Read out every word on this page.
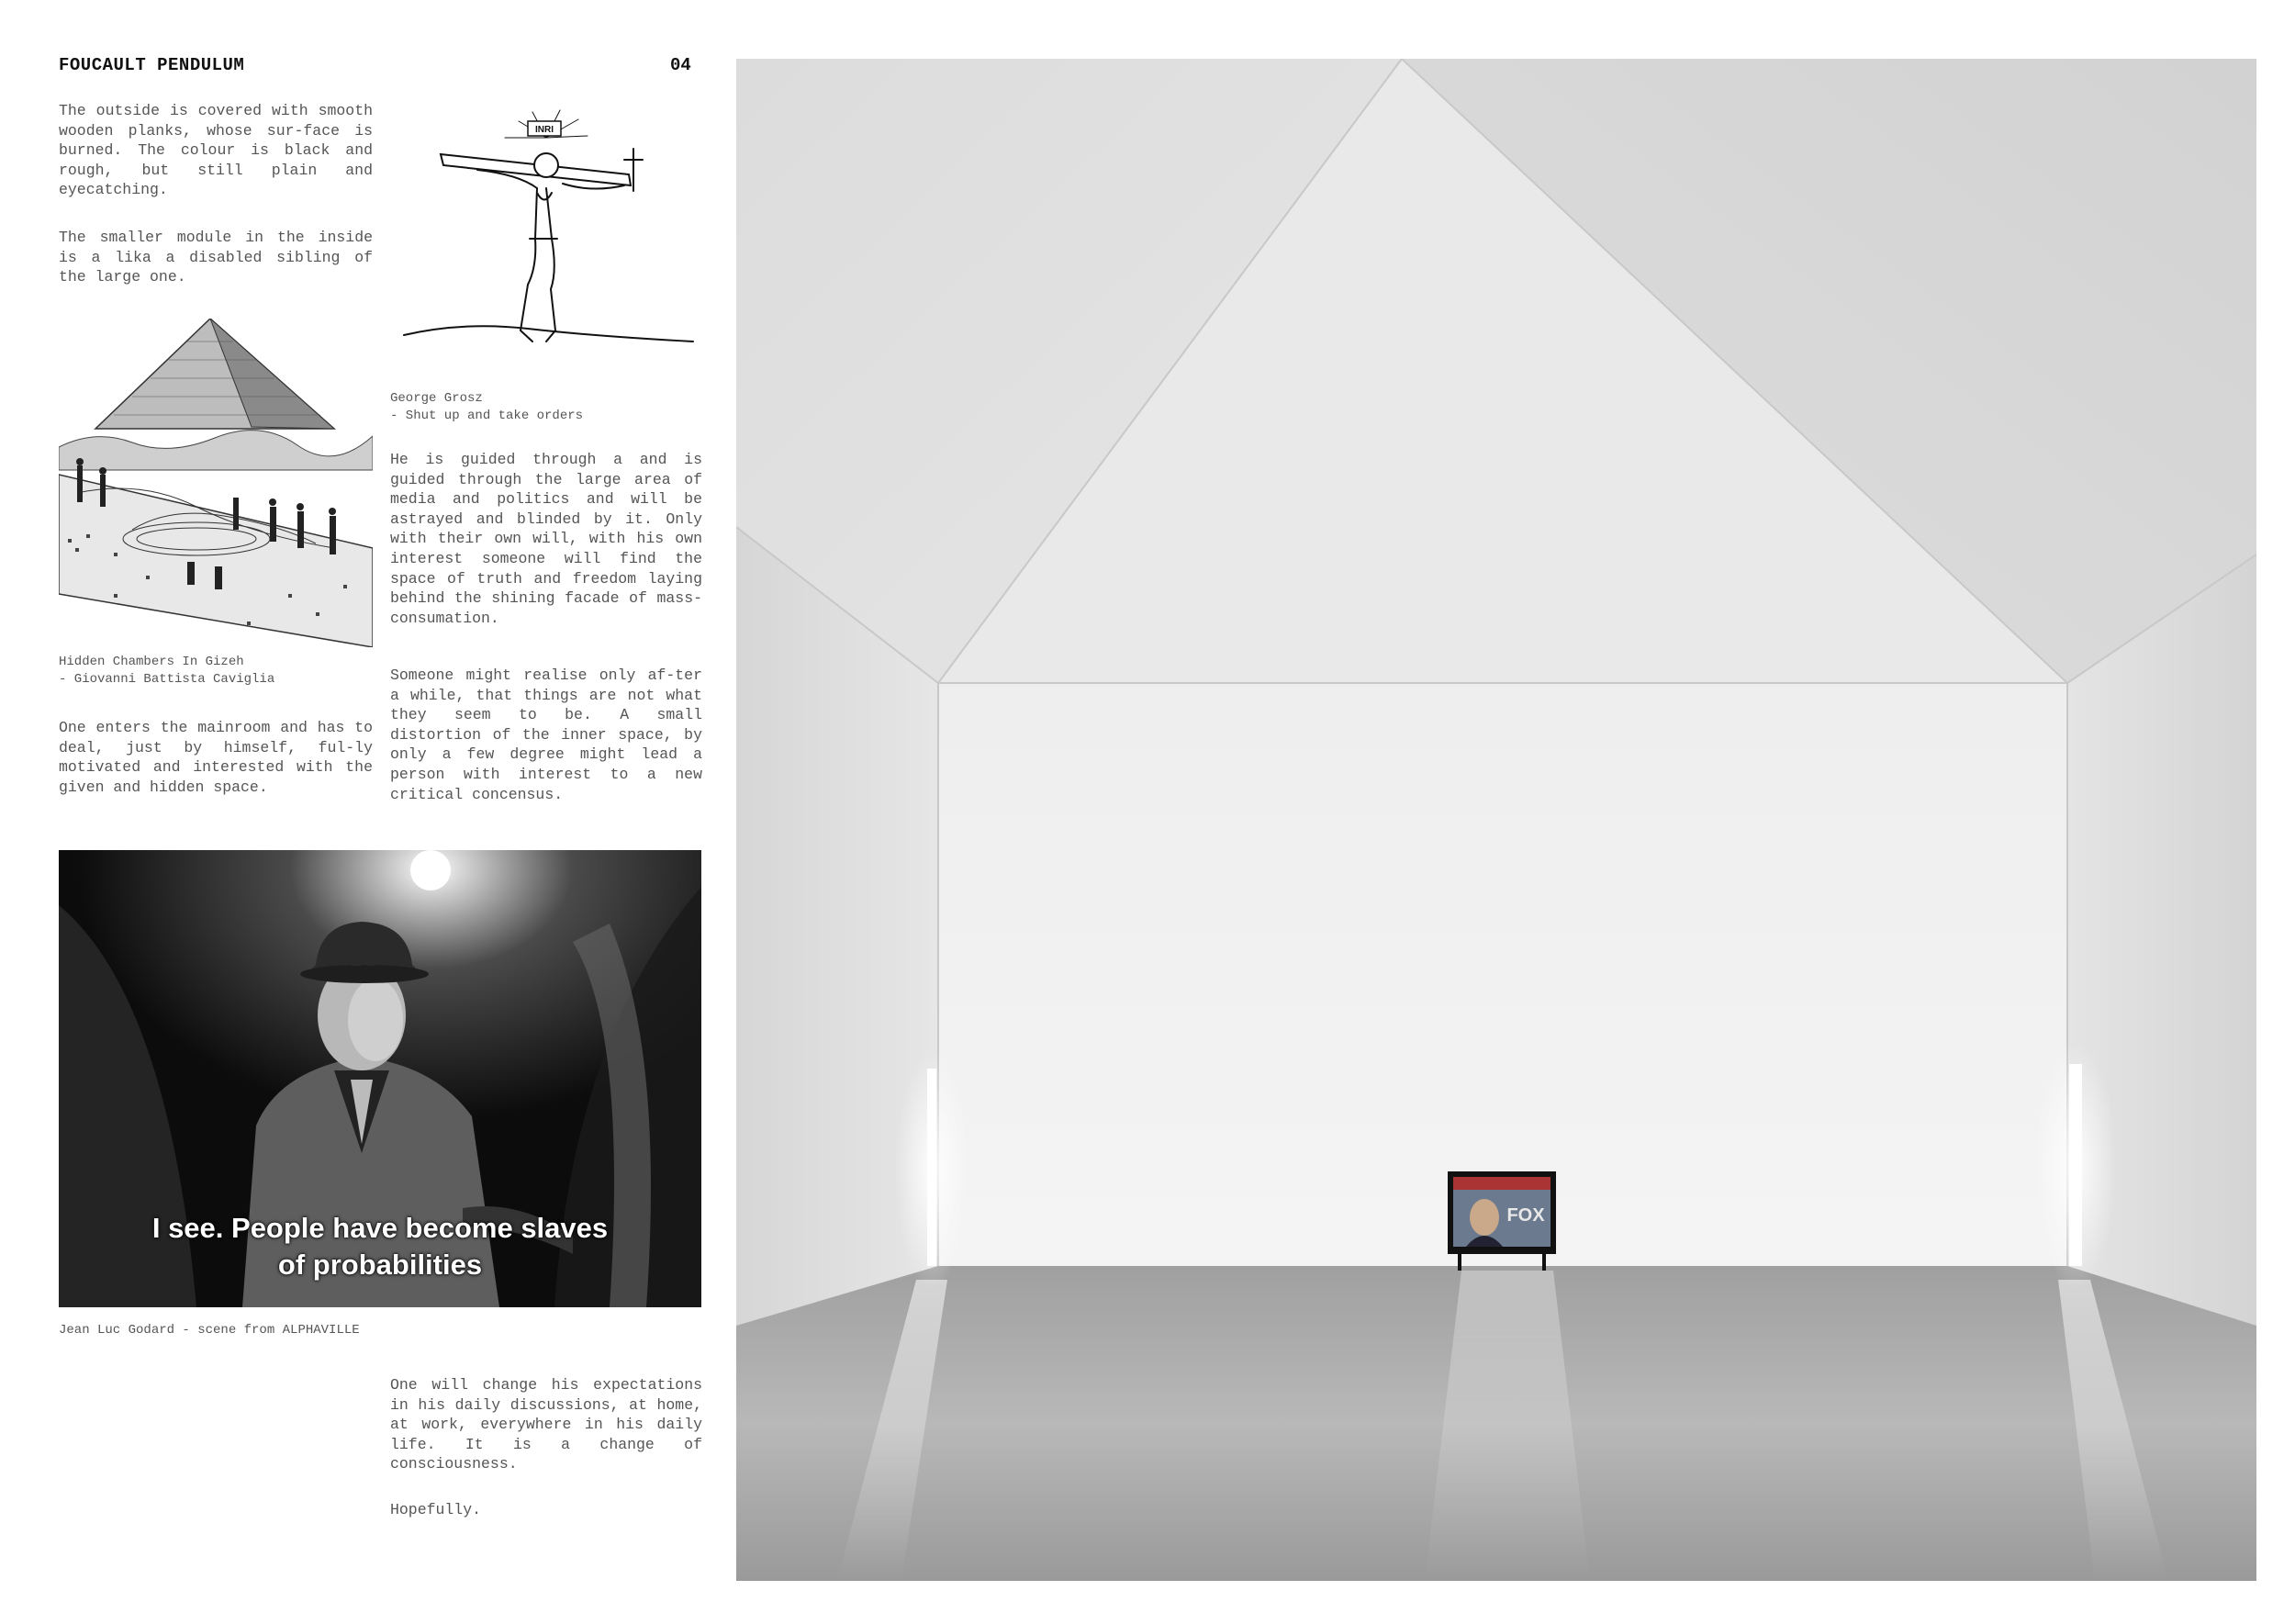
FOUCAULT PENDULUM	04

The outside is covered with smooth wooden planks, whose sur-face is burned. The colour is black and rough, but still plain and eyecatching.

The smaller module in the inside is a lika a disabled sibling of the large one.

Hidden Chambers In Gizeh
- Giovanni Battista Caviglia

One enters the mainroom and has to deal, just by himself, ful-ly motivated and interested with the given and hidden space.

INRI
George Grosz
- Shut up and take orders

He is guided through a and is guided through the large area of media and politics and will be astrayed and blinded by it. Only with their own will, with his own interest someone will find the space of truth and freedom laying behind the shining facade of mass-consumation.

Someone might realise only af-ter a while, that things are not what they seem to be. A small distortion of the inner space, by only a few degree might lead a person with interest to a new critical concensus.

I see. People have become slaves
of probabilities
Jean Luc Godard - scene from ALPHAVILLE

One will change his expectations in his daily discussions, at home, at work, everywhere in his daily life. It is a change of consciousness.

Hopefully.

FOX
